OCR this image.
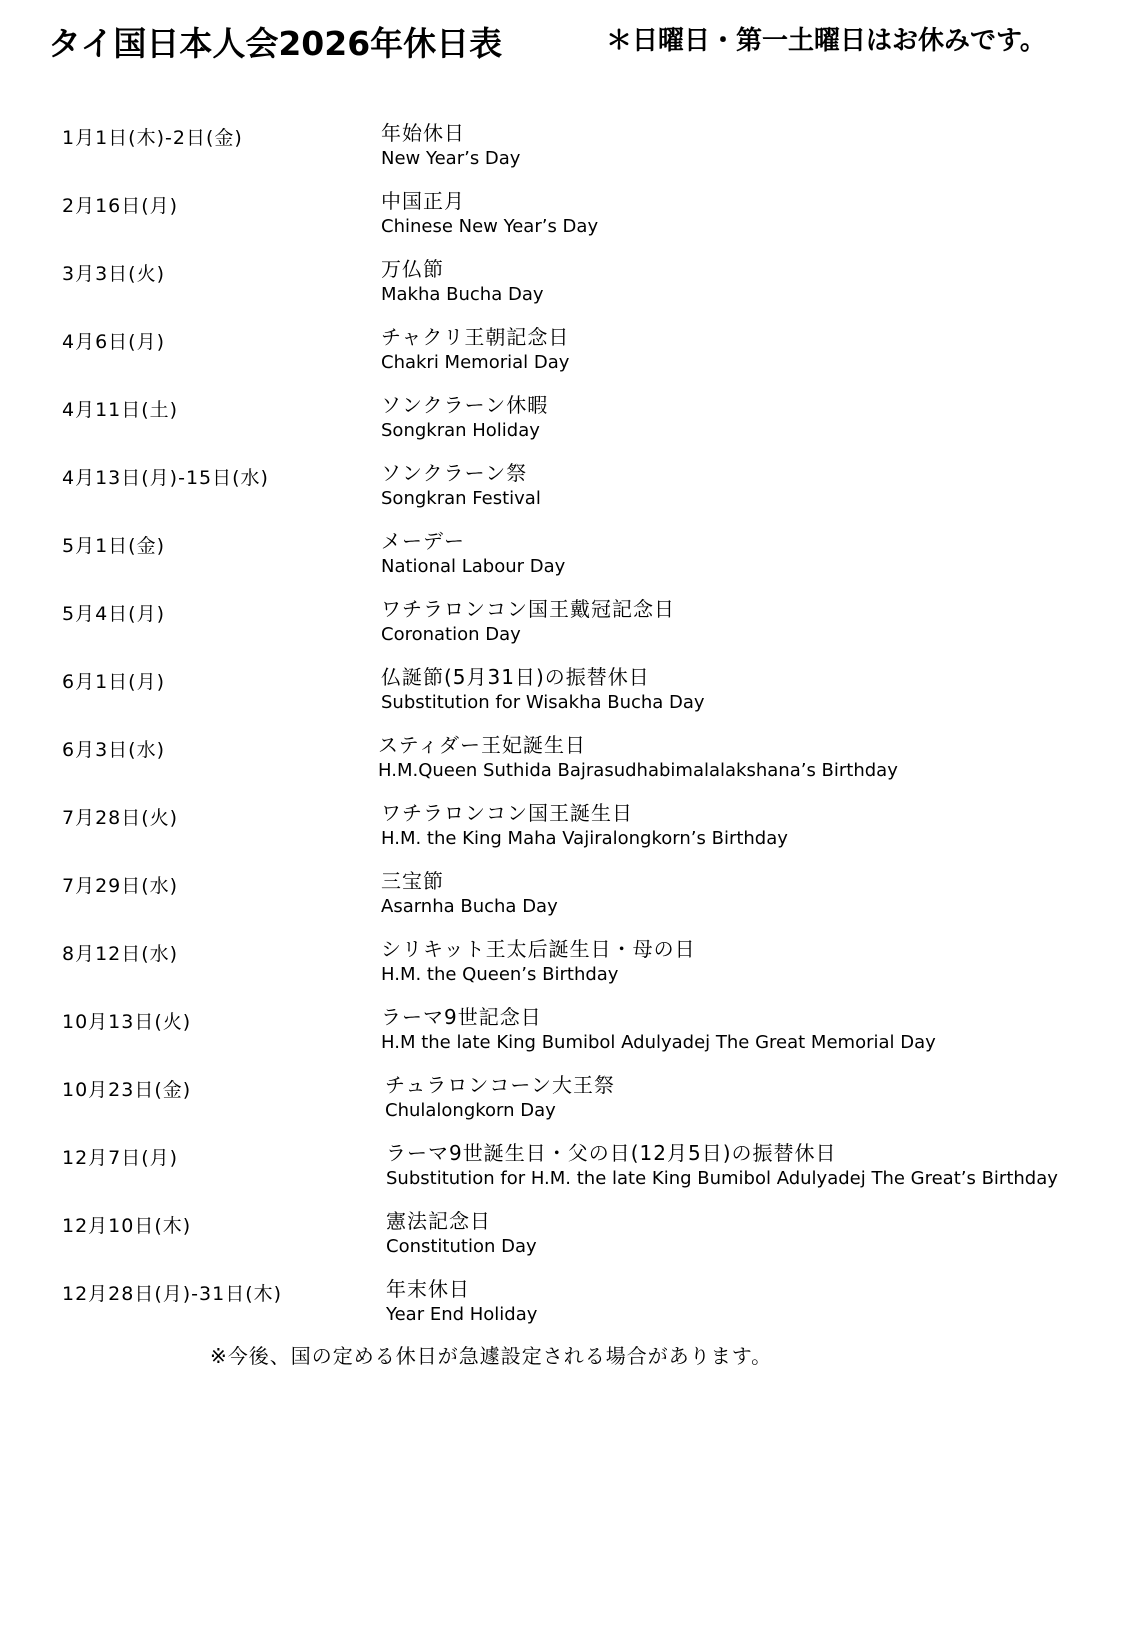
タイ国日本人会2026年休日表	＊日曜日・第一土曜日はお休みです。
1月1日(木)-2日(金)	年始休日
New Year’s Day
2月16日(月)	中国正月
Chinese New Year’s Day
3月3日(火)	万仏節
Makha Bucha Day
4月6日(月)	チャクリ王朝記念日
Chakri Memorial Day
4月11日(土)	ソンクラーン休暇
Songkran Holiday
4月13日(月)-15日(水)	ソンクラーン祭
Songkran Festival
5月1日(金)	メーデー
National Labour Day
5月4日(月)	ワチラロンコン国王戴冠記念日
Coronation Day
6月1日(月)	仏誕節(5月31日)の振替休日
Substitution for Wisakha Bucha Day
6月3日(水)	スティダー王妃誕生日
H.M.Queen Suthida Bajrasudhabimalalakshana’s Birthday
7月28日(火)	ワチラロンコン国王誕生日
H.M. the King Maha Vajiralongkorn’s Birthday
7月29日(水)	三宝節
Asarnha Bucha Day
8月12日(水)	シリキット王太后誕生日・母の日
H.M. the Queen’s Birthday
10月13日(火)	ラーマ9世記念日
H.M the late King Bumibol Adulyadej The Great Memorial Day
10月23日(金)	チュラロンコーン大王祭
Chulalongkorn Day
12月7日(月)	ラーマ9世誕生日・父の日(12月5日)の振替休日
Substitution for H.M. the late King Bumibol Adulyadej The Great’s Birthday
12月10日(木)	憲法記念日
Constitution Day
12月28日(月)-31日(木)	年末休日
Year End Holiday
※今後、国の定める休日が急遽設定される場合があります。
